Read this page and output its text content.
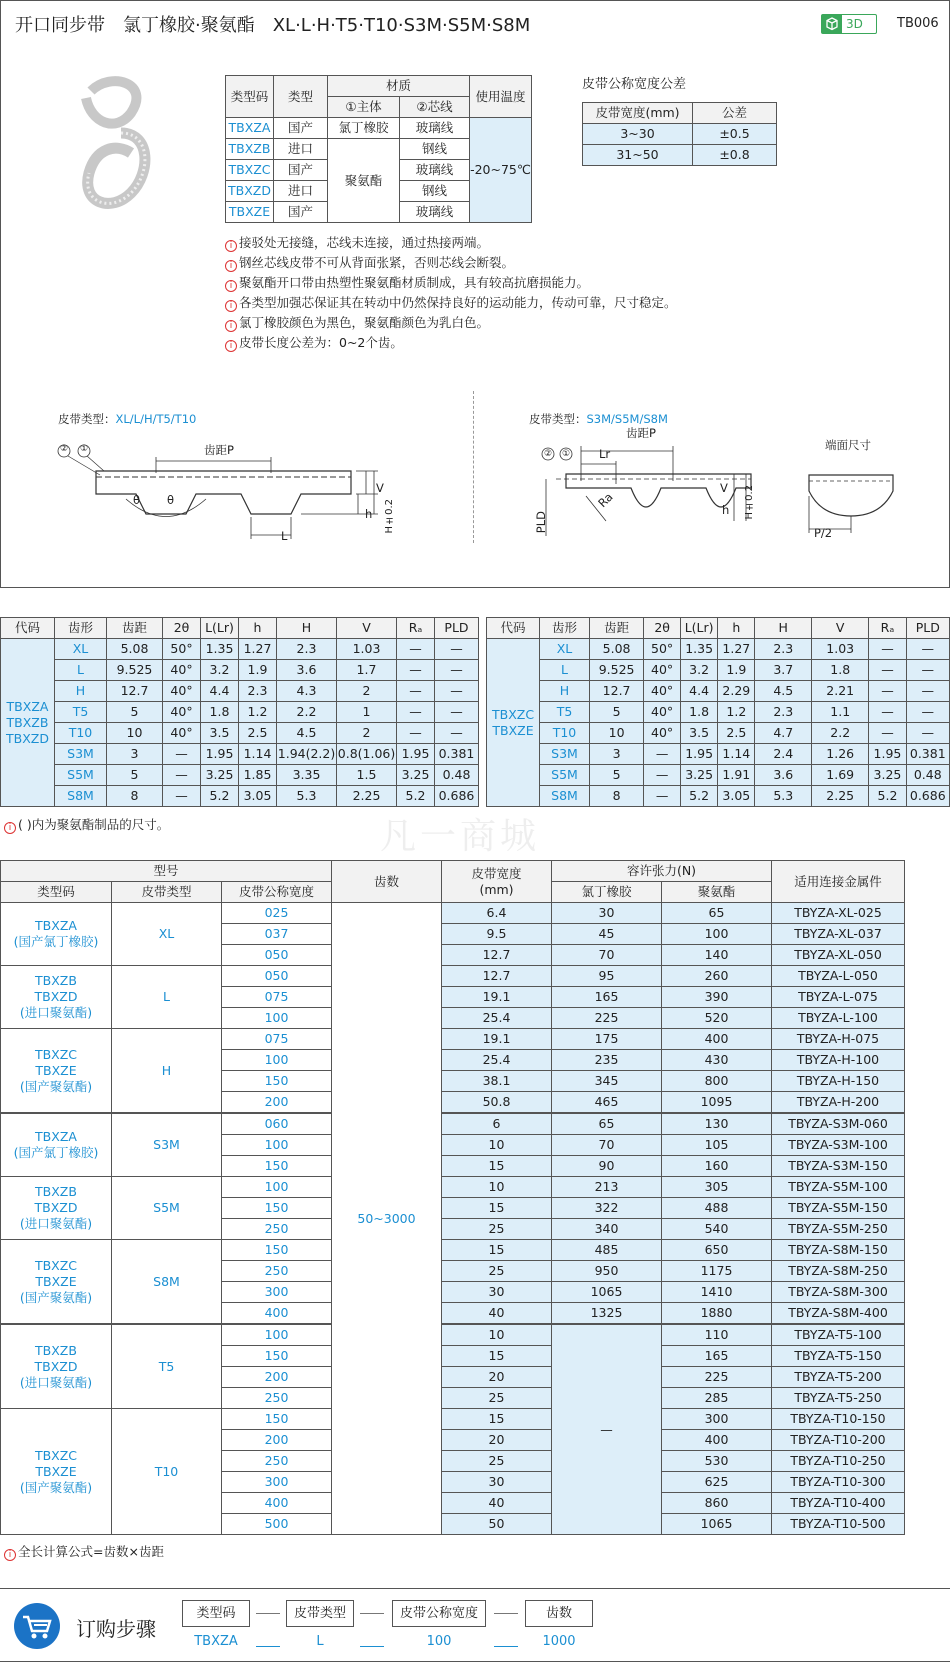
开口同步带　氯丁橡胶·聚氨酯　XL·L·H·T5·T10·S3M·S5M·S8M	3D	TB006
类型码	类型	材质		使用温度
		①主体	②芯线	
TBXZA	国产	氯丁橡胶	玻璃线	-20~75℃
TBXZB	进口	聚氨酯	钢线	
TBXZC	国产		玻璃线	
TBXZD	进口		钢线	
TBXZE	国产		玻璃线	
皮带公称宽度公差
皮带宽度(mm)	公差
3~30	±0.5
31~50	±0.8
i 接驳处无接缝，芯线未连接，通过热接两端。
i 钢丝芯线皮带不可从背面张紧，否则芯线会断裂。
i 聚氨酯开口带由热塑性聚氨酯材质制成，具有较高抗磨损能力。
i 各类型加强芯保证其在转动中仍然保持良好的运动能力，传动可靠，尺寸稳定。
i 氯丁橡胶颜色为黑色，聚氨酯颜色为乳白色。
i 皮带长度公差为：0~2个齿。
皮带类型：XL/L/H/T5/T10
② ①	齿距P
θ θ
L
V
H±0.2
h
皮带类型：S3M/S5M/S8M
② ①
齿距P
Lr
Ra
PLD
V H±0.2
h
端面尺寸
P/2
代码	齿形	齿距	2θ	L(Lr)	h	H	V	Rₐ	PLD
TBXZA
TBXZB
TBXZD	XL	5.08	50°	1.35	1.27	2.3	1.03	—	—
	L	9.525	40°	3.2	1.9	3.6	1.7	—	—
	H	12.7	40°	4.4	2.3	4.3	2	—	—
	T5	5	40°	1.8	1.2	2.2	1	—	—
	T10	10	40°	3.5	2.5	4.5	2	—	—
	S3M	3	—	1.95	1.14	1.94(2.2)	0.8(1.06)	1.95	0.381
	S5M	5	—	3.25	1.85	3.35	1.5	3.25	0.48
	S8M	8	—	5.2	3.05	5.3	2.25	5.2	0.686
代码	齿形	齿距	2θ	L(Lr)	h	H	V	Rₐ	PLD
TBXZC
TBXZE	XL	5.08	50°	1.35	1.27	2.3	1.03	—	—
	L	9.525	40°	3.2	1.9	3.7	1.8	—	—
	H	12.7	40°	4.4	2.29	4.5	2.21	—	—
	T5	5	40°	1.8	1.2	2.3	1.1	—	—
	T10	10	40°	3.5	2.5	4.7	2.2	—	—
	S3M	3	—	1.95	1.14	2.4	1.26	1.95	0.381
	S5M	5	—	3.25	1.91	3.6	1.69	3.25	0.48
	S8M	8	—	5.2	3.05	5.3	2.25	5.2	0.686
i ( )内为聚氨酯制品的尺寸。	凡一商城
型号			齿数	皮带宽度
(mm)	容许张力(N)		适用连接金属件
类型码	皮带类型	皮带公称宽度			氯丁橡胶	聚氨酯	
TBXZA
(国产氯丁橡胶)	XL	025	50~3000	6.4	30	65	TBYZA-XL-025
		037		9.5	45	100	TBYZA-XL-037
		050		12.7	70	140	TBYZA-XL-050
TBXZB
TBXZD
(进口聚氨酯)	L	050		12.7	95	260	TBYZA-L-050
		075		19.1	165	390	TBYZA-L-075
		100		25.4	225	520	TBYZA-L-100
TBXZC
TBXZE
(国产聚氨酯)	H	075		19.1	175	400	TBYZA-H-075
		100		25.4	235	430	TBYZA-H-100
		150		38.1	345	800	TBYZA-H-150
		200		50.8	465	1095	TBYZA-H-200
TBXZA
(国产氯丁橡胶)	S3M	060		6	65	130	TBYZA-S3M-060
		100		10	70	105	TBYZA-S3M-100
		150		15	90	160	TBYZA-S3M-150
TBXZB
TBXZD
(进口聚氨酯)	S5M	100		10	213	305	TBYZA-S5M-100
		150		15	322	488	TBYZA-S5M-150
		250		25	340	540	TBYZA-S5M-250
TBXZC
TBXZE
(国产聚氨酯)	S8M	150		15	485	650	TBYZA-S8M-150
		250		25	950	1175	TBYZA-S8M-250
		300		30	1065	1410	TBYZA-S8M-300
		400		40	1325	1880	TBYZA-S8M-400
TBXZB
TBXZD
(进口聚氨酯)	T5	100		10	—	110	TBYZA-T5-100
		150		15		165	TBYZA-T5-150
		200		20		225	TBYZA-T5-200
		250		25		285	TBYZA-T5-250
TBXZC
TBXZE
(国产聚氨酯)	T10	150		15		300	TBYZA-T10-150
		200		20		400	TBYZA-T10-200
		250		25		530	TBYZA-T10-250
		300		30		625	TBYZA-T10-300
		400		40		860	TBYZA-T10-400
		500		50		1065	TBYZA-T10-500
i 全长计算公式=齿数×齿距
订购步骤
类型码
TBXZA
皮带类型
L
皮带公称宽度
100
齿数
1000
